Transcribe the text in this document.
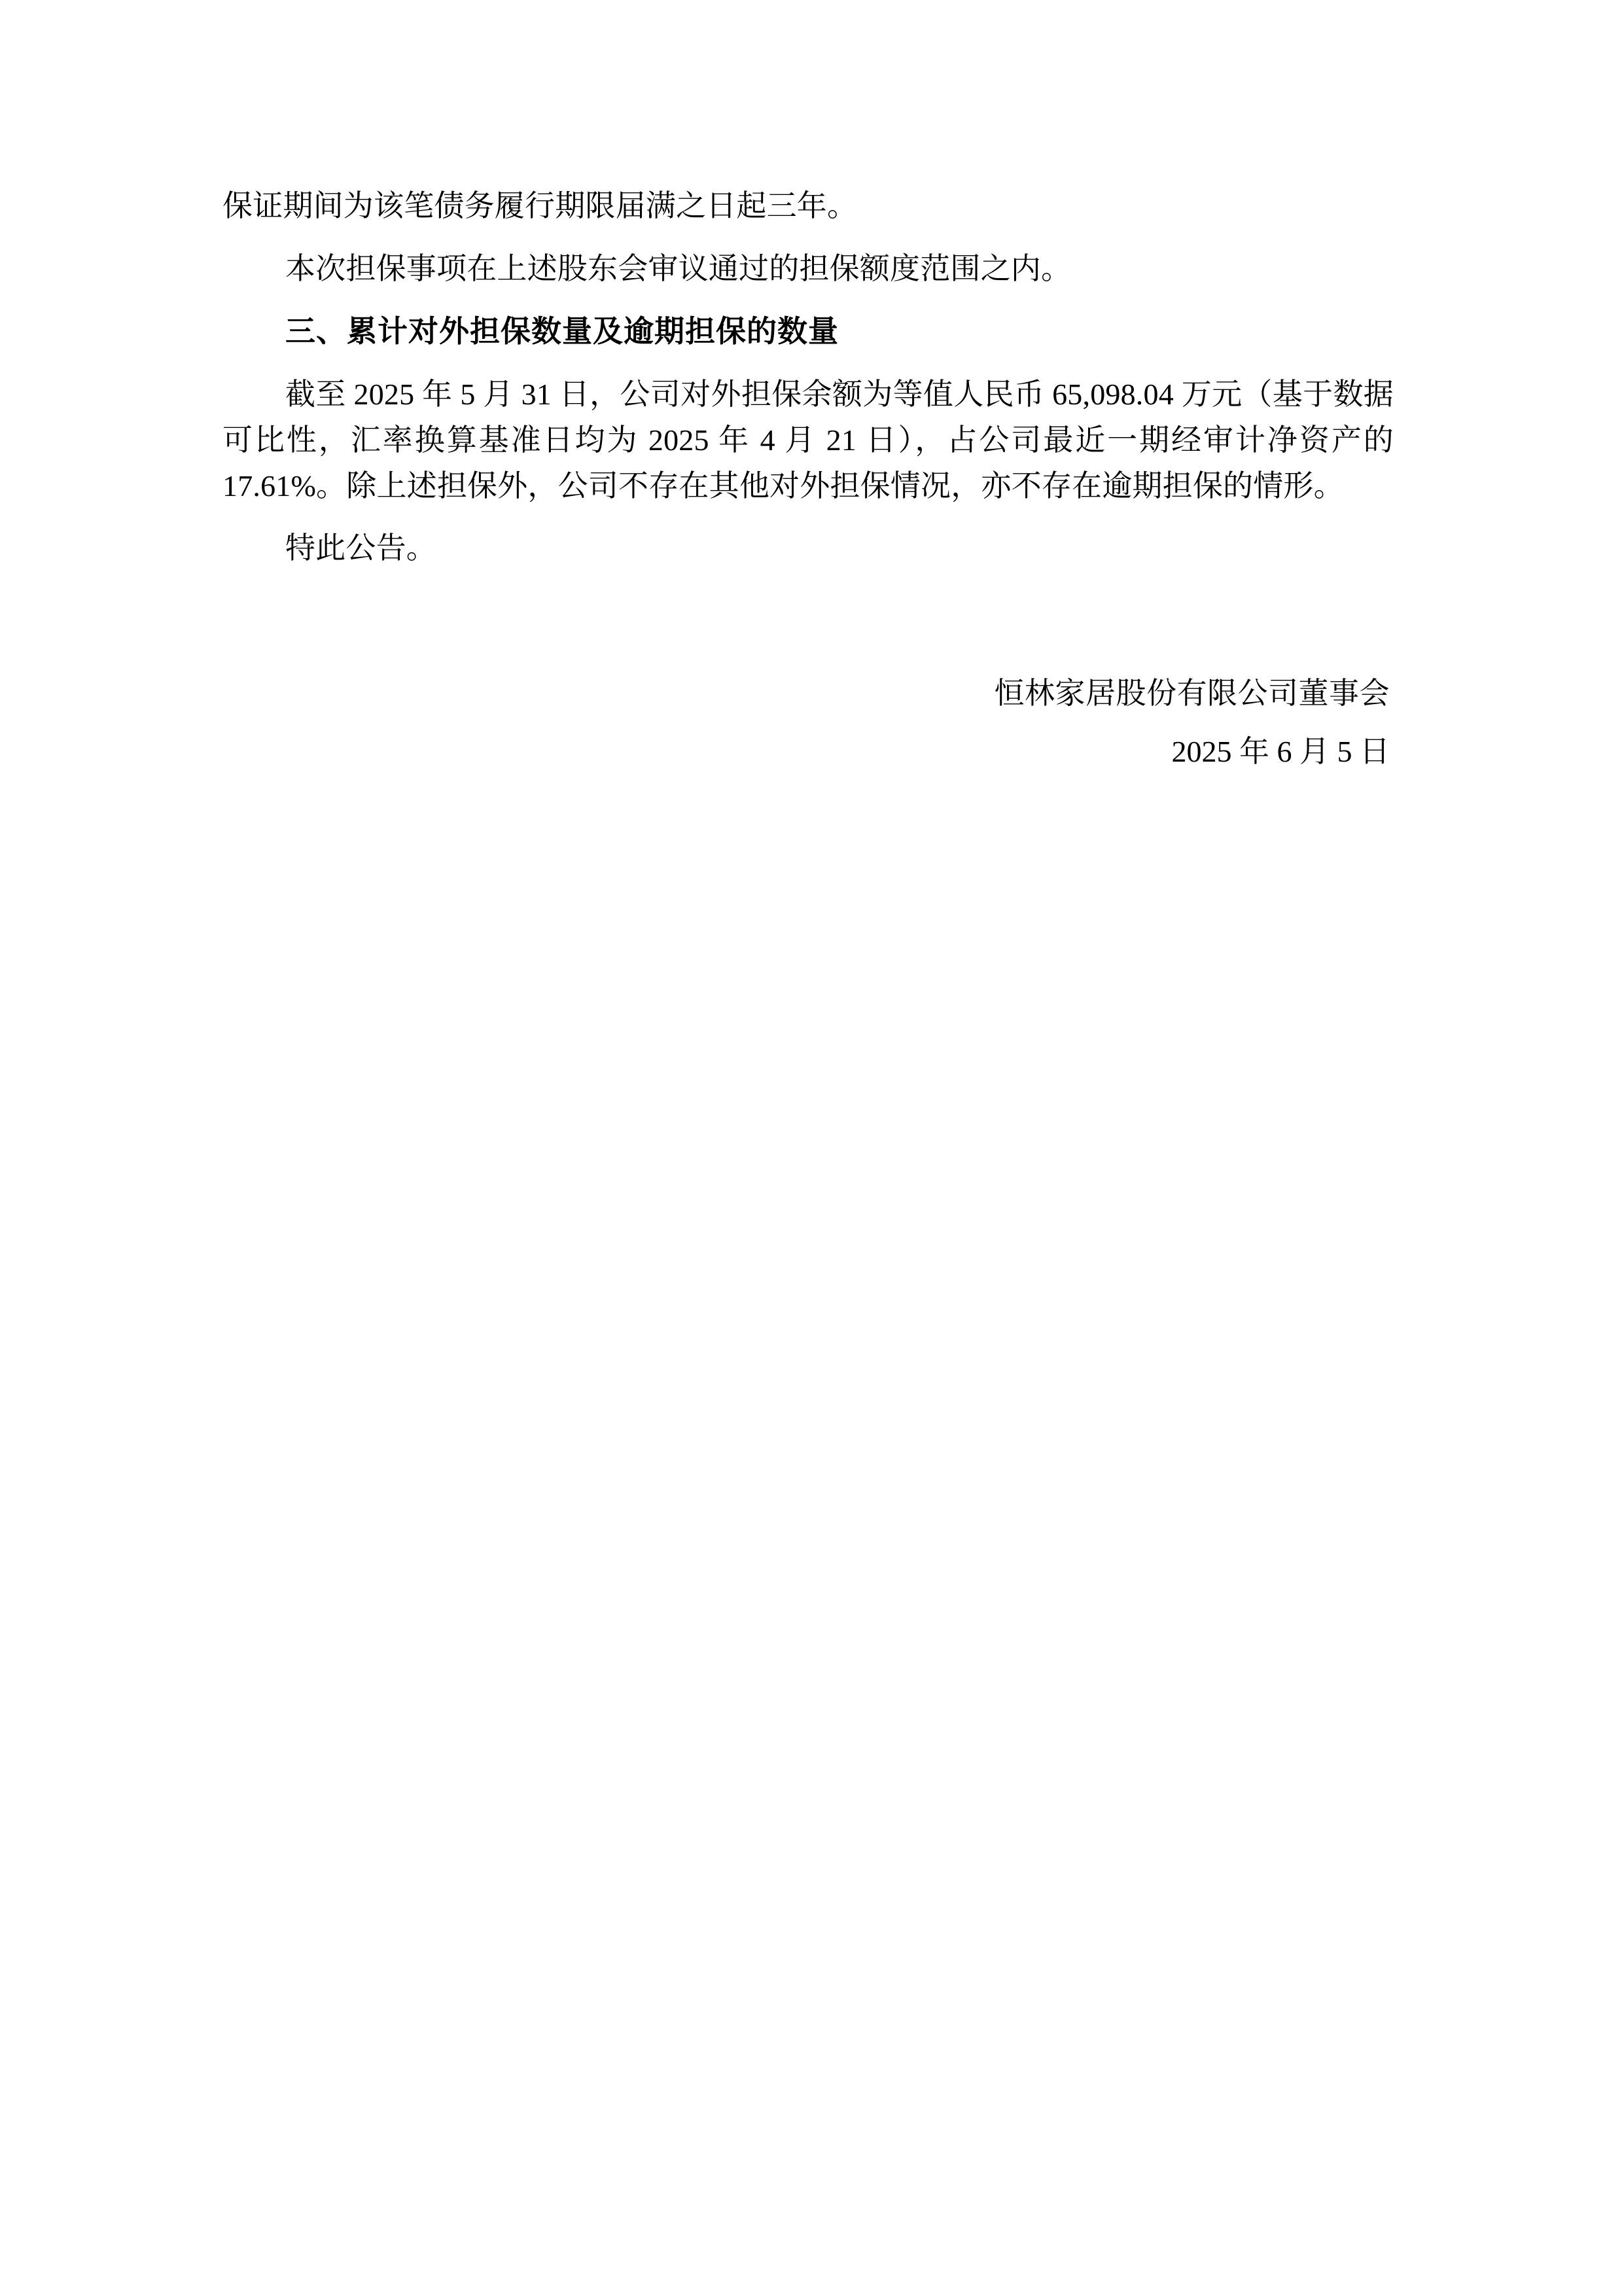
保证期间为该笔债务履行期限届满之日起三年。

本次担保事项在上述股东会审议通过的担保额度范围之内。

三、累计对外担保数量及逾期担保的数量

截至 2025 年 5 月 31 日，公司对外担保余额为等值人民币 65,098.04 万元（基于数据可比性，汇率换算基准日均为 2025 年 4 月 21 日），占公司最近一期经审计净资产的 17.61%。除上述担保外，公司不存在其他对外担保情况，亦不存在逾期担保的情形。

特此公告。

恒林家居股份有限公司董事会
2025 年 6 月 5 日
